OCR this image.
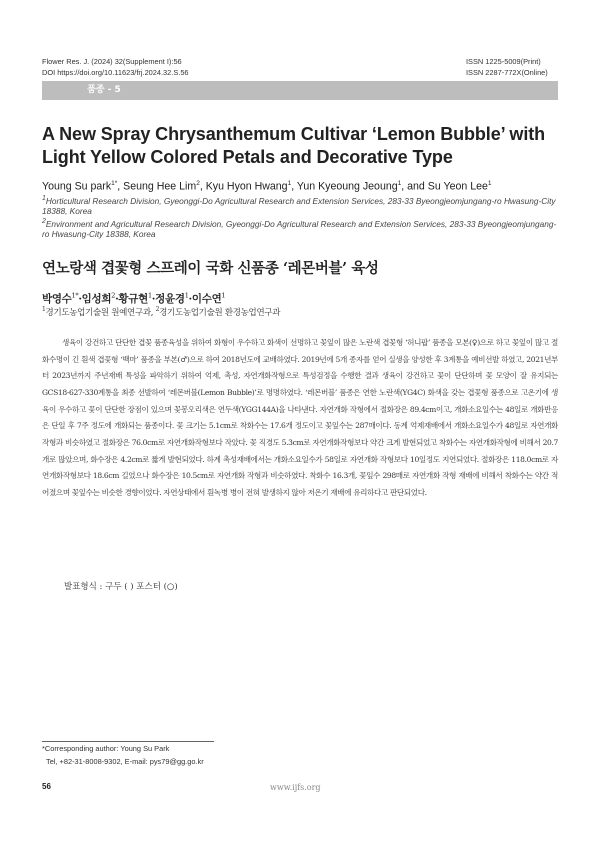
Flower Res. J. (2024) 32(Supplement I):56
DOI https://doi.org/10.11623/frj.2024.32.S.56
ISSN 1225-5009(Print)
ISSN 2287-772X(Online)
품종 - 5
A New Spray Chrysanthemum Cultivar ‘Lemon Bubble’ with Light Yellow Colored Petals and Decorative Type
Young Su park$^{1*}$, Seung Hee Lim$^2$, Kyu Hyon Hwang$^1$, Yun Kyeoung Jeoung$^1$, and Su Yeon Lee$^1$
$^1$Horticultural Research Division, Gyeonggi-Do Agricultural Research and Extension Services, 283-33 Byeongjeomjungang-ro Hwasung-City 18388, Korea
$^2$Environment and Agricultural Research Division, Gyeonggi-Do Agricultural Research and Extension Services, 283-33 Byeongjeomjungang-ro Hwasung-City 18388, Korea
연노랑색 겹꽃형 스프레이 국화 신품종 ‘레몬버블’ 육성
박영수$^{1*}$·임성희$^2$·황규현$^1$·정윤경$^1$·이수연$^1$
$^1$경기도농업기술원 원예연구과, $^2$경기도농업기술원 환경농업연구과
생육이 강건하고 단단한 겹꽃 품종육성을 위하여 화형이 우수하고 화색이 선명하고 꽃잎이 많은 노란색 겹꽃형 ‘허니팝’ 품종을 모본(♀)으로 하고 꽃잎이 많고 절화수명이 긴 흰색 겹꽃형 ‘백마’ 품종을 부본(♂)으로 하여 2018년도에 교배하였다. 2019년에 5개 종자를 얻어 실생을 양성한 후 3계통을 예비선발 하였고, 2021년부터 2023년까지 주년재배 특성을 파악하기 위하여 억제, 촉성, 자연개화작형으로 특성검정을 수행한 결과 생육이 강건하고 꽃이 단단하며 꽃 모양이 잘 유지되는 GCS18-627-330계통을 최종 선발하여 ‘레몬버블(Lemon Bubble)’로 명명하였다. ‘레몬버블’ 품종은 연한 노란색(YG4C) 화색을 갖는 겹꽃형 품종으로 고온기에 생육이 우수하고 꽃이 단단한 장점이 있으며 꽃봉오리색은 연두색(YGG144A)을 나타낸다. 자연개화 작형에서 절화장은 89.4cm이고, 개화소요일수는 48일로 개화반응은 단일 후 7주 정도에 개화되는 품종이다. 꽃 크기는 5.1cm로 착화수는 17.6개 정도이고 꽃잎수는 287매이다. 동계 억제재배에서 개화소요일수가 48일로 자연개화작형과 비슷하였고 절화장은 76.0cm로 자연개화작형보다 작았다. 꽃 직경도 5.3cm로 자연개화작형보다 약간 크게 발현되었고 착화수는 자연개화작형에 비해서 20.7개로 많았으며, 화수장은 4.2cm로 짧게 발현되었다. 하계 촉성재배에서는 개화소요일수가 58일로 자연개화 작형보다 10일정도 지연되었다. 절화장은 118.0cm로 자연개화작형보다 18.6cm 길었으나 화수장은 10.5cm로 자연개화 작형과 비슷하였다. 착화수 16.3개, 꽃잎수 298매로 자연개화 작형 재배에 비해서 착화수는 약간 적어졌으며 꽃잎수는 비슷한 경향이었다. 자연상태에서 흰녹병 병이 전혀 발생하지 않아 저온기 재배에 유리하다고 판단되었다.
발표형식 : 구두 ( ) 포스터 (○)
*Corresponding author: Young Su Park
Tel, +82-31-8008-9302, E-mail: pys79@gg.go.kr
56	www.ijfs.org
